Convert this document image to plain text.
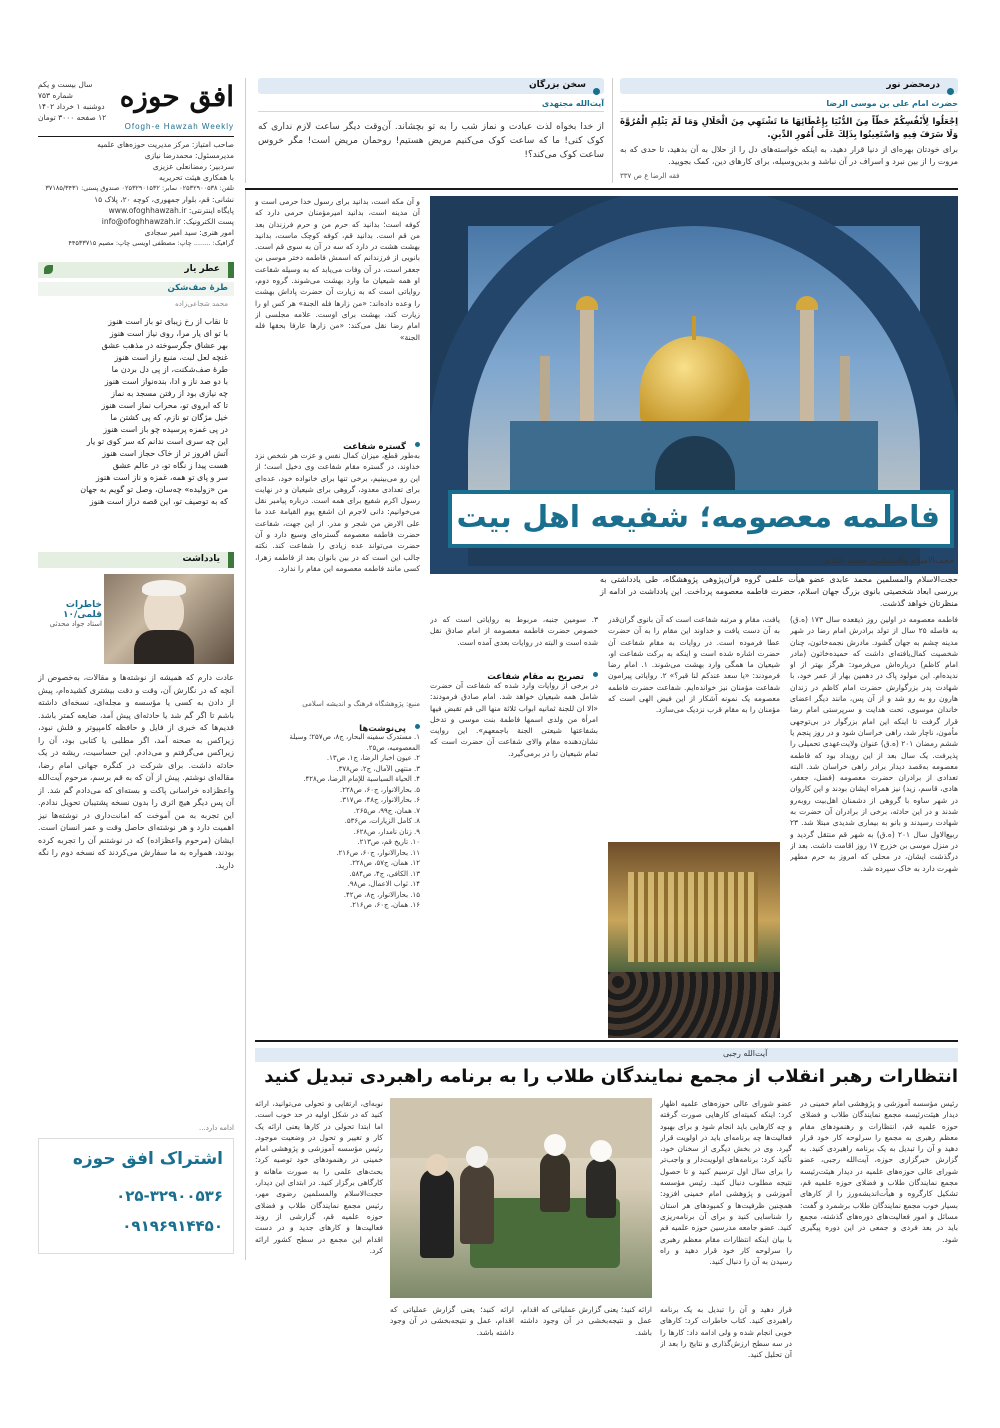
افق حوزه
سال بیست و یکم
شماره ۷۵۳
دوشنبه ۱ خرداد ۱۴۰۲
۱۲ صفحه ۳۰۰۰ تومان
Ofogh-e Hawzah Weekly
صاحب امتیاز: مرکز مدیریت حوزه‌های علمیه
مدیرمسئول: محمدرضا نیازی
سردبیر: رمضانعلی عزیزی
با همکاری هیئت تحریریه
تلفن: ۰۲۵۳۲۹۰۰۵۳۸ نمابر: ۰۲۵۳۲۹۰۱۵۳۲ صندوق پستی: ۳۷۱۸۵/۳۴۳۱
نشانی: قم، بلوار جمهوری، کوچه ۲۰، پلاک ۱۵
پایگاه اینترنتی: www.ofoghhawzah.ir
پست الکترونیک: info@ofoghhawzah.ir
امور هنری: سید امیر سجادی
گرافیک: ........ چاپ: مصطفی اویسی چاپ: مصیم ۴۴۵۳۳۷۱۵
درمحضر نور
حضرت امام علی بن موسی الرضا
اِجْعَلُوا لِأَنْفُسِكُمْ حَظّاً مِنَ الدُّنْيَا بِإِعْطَائِهَا مَا تَشْتَهِي مِنَ الْحَلَالِ وَمَا لَمْ يَثْلِمِ الْمُرُوَّةَ وَلَا سَرَفَ فِيهِ وَاسْتَعِينُوا بِذَلِكَ عَلَى أُمُورِ الدِّينِ.
برای خودتان بهره‌ای از دنیا قرار دهید، به اینکه خواسته‌های دل را از حلال به آن بدهید، تا حدی که به مروت را از بین نبرد و اسراف در آن نباشد و بدین‌وسیله، برای کارهای دین، کمک بجویید.
فقه الرضا ع ص ۳۳۷
سخن بزرگان
آیت‌الله مجتهدی
از خدا بخواه لذت عبادت و نماز شب را به تو بچشاند. آن‌وقت دیگر ساعت لازم نداری که کوک کنی! ما که ساعت کوک می‌کنیم مریض هستیم! روحمان مریض است! مگر خروس ساعت کوک می‌کند؟!
عطر یار
طرهٔ صف‌شکن
محمد شجاعی‌زاده
تا نقاب از رخ زیبای تو باز است هنوز
با تو ای یار مرا، روی نیاز است هنوز
بهر عشاق جگرسوخته در مذهب عشق
غنچه لعل لبت، منبع راز است هنوز
طرهٔ صف‌شکنت، از پی دل بردن ما
با دو صد ناز و ادا، بنده‌نواز است هنوز
چه نیازی بود از رفتن مسجد به نماز
تا که ابروی تو، محراب نماز است هنوز
خیل مژگان تو نازم، که پی کشتن ما
در پی غمزه پرسیده چو باز است هنوز
این چه سری است ندانم که سر کوی تو یار
آتش افروز تر از خاک حجاز است هنوز
هست پیدا ز نگاه تو، در عالم عشق
سر و پای تو همه، غمزه و ناز است هنوز
من «زولیده» چه‌سان، وصل تو گویم به جهان
که به توصیف تو، این قصه دراز است هنوز
یادداشت
خاطرات قلمی/۱۰
استاد جواد محدثی
عادت دارم که همیشه از نوشته‌ها و مقالات، به‌خصوص از آنچه که در نگارش آن، وقت و دقت بیشتری کشیده‌ام، پیش از دادن به کسی یا مؤسسه و مجله‌ای، نسخه‌ای داشته باشم تا اگر گم شد یا حادثه‌ای پیش آمد، ضایعه کمتر باشد. قدیم‌ها که خبری از فایل و حافظه کامپیوتر و فلش نبود، زیراکس به صحنه آمد، اگر مطلبی یا کتابی بود، آن را زیراکس می‌گرفتم و می‌دادم. این حساسیت، ریشه در یک حادثه داشت. برای شرکت در کنگره جهانی امام رضا، مقاله‌ای نوشتم. پیش از آن که به قم برسم، مرحوم آیت‌الله واعظزاده خراسانی پاکت و بسته‌ای که می‌دادم گم شد. از آن پس دیگر هیچ اثری را بدون نسخه پشتیبان تحویل ندادم. این تجربه به من آموخت که امانت‌داری در نوشته‌ها نیز اهمیت دارد و هر نوشته‌ای حاصل وقت و عمر انسان است. ایشان (مرحوم واعظزاده) که در نوشتنم آن را تجربه کرده بودند، همواره به ما سفارش می‌کردند که نسخه دوم را نگه دارید.
ادامه دارد...
اشتراک افق حوزه
۰۲۵-۳۲۹۰۰۵۳۶
۰۹۱۹۶۹۱۴۴۵۰
فاطمه معصومه؛ شفیعه اهل بیت
حجت‌الاسلام والمسلمین محمد عابدی
حجت‌الاسلام والمسلمین محمد عابدی عضو هیأت علمی گروه قرآن‌پژوهی پژوهشگاه، طی یادداشتی به بررسی ابعاد شخصیتی بانوی بزرگ جهان اسلام، حضرت فاطمه معصومه پرداخت. این یادداشت در ادامه از منظرتان خواهد گذشت.
و آن مکه است، بدانید برای رسول خدا حرمی است و آن مدینه است، بدانید امیرمؤمنان حرمی دارد که کوفه است؛ بدانید که حرم من و حرم فرزندان بعد من قم است. بدانید قم، کوفه کوچک ماست، بدانید بهشت هشت در دارد که سه در آن به سوی قم است. بانویی از فرزندانم که اسمش فاطمه دختر موسی بن جعفر است، در آن وفات می‌یابد که به وسیله شفاعت او همه شیعیان ما وارد بهشت می‌شوند. گروه دوم، روایاتی است که به زیارت آن حضرت پاداش بهشت را وعده داده‌اند: «من زارها فله الجنة» هر کس او را زیارت کند، بهشت برای اوست. علامه مجلسی از امام رضا نقل می‌کند: «من زارها عارفا بحقها فله الجنة»
گستره شفاعت
به‌طور قطع، میزان کمال نفس و عزت هر شخص نزد خداوند، در گستره مقام شفاعت وی دخیل است؛ از این رو می‌بینیم، برخی تنها برای خانواده خود، عده‌ای برای تعدادی معدود، گروهی برای شیعیان و در نهایت رسول اکرم شفیع برای همه است. درباره پیامبر نقل می‌خوانیم: دانی لاجرم ان اشفع یوم القیامة عدد ما علی الارض من شجر و مدر. از این جهت، شفاعت حضرت فاطمه معصومه گستره‌ای وسیع دارد و آن حضرت می‌تواند عده زیادی را شفاعت کند. نکته جالب این است که در بین بانوان بعد از فاطمه زهرا، کسی مانند فاطمه معصومه این مقام را ندارد.
فاطمه معصومه در اولین روز ذیقعده سال ۱۷۳ (ه.ق) به فاصله ۲۵ سال از تولد برادرش امام رضا در شهر مدینه چشم به جهان گشود. مادرش نجمه‌خاتون، چنان شخصیت کمال‌یافته‌ای داشت که حمیده‌خاتون (مادر امام کاظم) درباره‌اش می‌فرمود: هرگز بهتر از او ندیده‌ام. این مولود پاک در دهمین بهار از عمر خود، با شهادت پدر بزرگوارش حضرت امام کاظم در زندان هارون رو به رو شد و از آن پس، مانند دیگر اعضای خاندان موسوی، تحت هدایت و سرپرستی امام رضا قرار گرفت تا اینکه این امام بزرگوار در بی‌توجهی مأمون، ناچار شد، راهی خراسان شود و در روز پنجم یا ششم رمضان ۲۰۱ (ه.ق) عنوان ولایت‌عهدی تحمیلی را پذیرفت. یک سال بعد از این رویداد بود که فاطمه معصومه به‌قصد دیدار برادر راهی خراسان شد. البته تعدادی از برادران حضرت معصومه (فضل، جعفر، هادی، قاسم، زید) نیز همراه ایشان بودند و این کاروان در شهر ساوه با گروهی از دشمنان اهل‌بیت روبه‌رو شدند و در این حادثه، برخی از برادران آن حضرت به شهادت رسیدند و بانو به بیماری شدیدی مبتلا شد. ۲۳ ربیع‌الاول سال ۲۰۱ (ه.ق) به شهر قم منتقل گردید و در منزل موسی بن خزرج ۱۷ روز اقامت داشت. بعد از درگذشت ایشان، در محلی که امروز به حرم مطهر شهرت دارد به خاک سپرده شد.
یافت، مقام و مرتبه شفاعت است که آن بانوی گران‌قدر به آن دست یافت و خداوند این مقام را به آن حضرت عطا فرموده است. در روایات به مقام شفاعت آن حضرت اشاره شده است و اینکه به برکت شفاعت او، شیعیان ما همگی وارد بهشت می‌شوند. ۱. امام رضا فرمودند: «یا سعد عندکم لنا قبر؟» ۲. روایاتی پیرامون شفاعت مؤمنان نیز خوانده‌ایم. شفاعت حضرت فاطمه معصومه یک نمونه آشکار از این فیض الهی است که مؤمنان را به مقام قرب نزدیک می‌سازد.
۳. سومین جنبه، مربوط به روایاتی است که در خصوص حضرت فاطمه معصومه از امام صادق نقل شده است و البته در روایات بعدی آمده است.
تصریح به مقام شفاعت
در برخی از روایات وارد شده که شفاعت آن حضرت شامل همه شیعیان خواهد شد. امام صادق فرمودند: «الا ان للجنة ثمانیه ابواب ثلاثة منها الی قم تقبض فیها امرأة من ولدی اسمها فاطمة بنت موسی و تدخل بشفاعتها شیعتی الجنة باجمعهم». این روایت نشان‌دهنده مقام والای شفاعت آن حضرت است که تمام شیعیان را در برمی‌گیرد.
منبع: پژوهشگاه فرهنگ و اندیشه اسلامی
پی‌نوشت‌ها
۱. مستدرک سفینه البحار، ج۸، ص۲۵۷؛ وسیلة المعصومیه، ص۲۵.
۲. عیون اخبار الرضا، ج۱، ص۱۳.
۳. منتهی الآمال، ج۲، ص۳۷۸.
۴. الحیاة السیاسیة للإمام الرضا، ص۴۲۸.
۵. بحارالانوار، ج۶۰، ص۲۲۸.
۶. بحارالانوار، ج۴۸، ص۳۱۷.
۷. همان، ج۹۹، ص۲۶۵.
۸. کامل الزیارات، ص۵۳۶.
۹. زنان نامدار، ص۶۲۸.
۱۰. تاریخ قم، ص۲۱۳.
۱۱. بحارالانوار، ج۶۰، ص۲۱۶.
۱۲. همان، ج۵۷، ص۲۲۸.
۱۳. الکافی، ج۴، ص۵۸۴.
۱۴. ثواب الاعمال، ص۹۸.
۱۵. بحارالانوار، ج۸، ص۴۲.
۱۶. همان، ج۶۰، ص۲۱۶.
آیت‌الله رجبی
انتظارات رهبر انقلاب از مجمع نمایندگان طلاب را به برنامه راهبردی تبدیل کنید
رئیس مؤسسه آموزشی و پژوهشی امام خمینی در دیدار هیئت‌رئیسه مجمع نمایندگان طلاب و فضلای حوزه علمیه قم، انتظارات و رهنمودهای مقام معظم رهبری به مجمع را سرلوحه کار خود قرار دهید و آن را تبدیل به یک برنامه راهبردی کنید. به گزارش خبرگزاری حوزه، آیت‌الله رجبی، عضو شورای عالی حوزه‌های علمیه در دیدار هیئت‌رئیسه مجمع نمایندگان طلاب و فضلای حوزه علمیه قم، تشکیل کارگروه و هیأت‌اندیشه‌ورز را از کارهای بسیار خوب مجمع نمایندگان طلاب برشمرد و گفت: مسائل و امور فعالیت‌های دوره‌های گذشته، مجمع باید در بعد فردی و جمعی در این دوره پیگیری شود.
عضو شورای عالی حوزه‌های علمیه اظهار کرد: اینکه کمیته‌ای کارهایی صورت گرفته و چه کارهایی باید انجام شود و برای بهبود فعالیت‌ها چه برنامه‌ای باید در اولویت قرار گیرد. وی در بخش دیگری از سخنان خود، تأکید کرد: برنامه‌های اولویت‌دار و واجب‌تر را برای سال اول ترسیم کنید و تا حصول نتیجه مطلوب دنبال کنید. رئیس مؤسسه آموزشی و پژوهشی امام خمینی افزود: همچنین ظرفیت‌ها و کمبودهای هر استان را شناسایی کنید و برای آن برنامه‌ریزی کنید. عضو جامعه مدرسین حوزه علمیه قم با بیان اینکه انتظارات مقام معظم رهبری را سرلوحه کار خود قرار دهید و راه رسیدن به آن را دنبال کنید.
نوبه‌ای، ارتقایی و تحولی می‌توانید، ارائه کنید که در شکل اولیه در حد خوب است. اما ابتدا تحولی در کارها یعنی ارائه یک کار و تغییر و تحول در وضعیت موجود. رئیس مؤسسه آموزشی و پژوهشی امام خمینی در رهنمودهای خود توصیه کرد: بحث‌های علمی را به صورت ماهانه و کارگاهی برگزار کنید. در ابتدای این دیدار، حجت‌الاسلام والمسلمین رضوی مهر، رئیس مجمع نمایندگان طلاب و فضلای حوزه علمیه قم، گزارشی از روند فعالیت‌ها و کارهای جدید و در دست اقدام این مجمع در سطح کشور ارائه کرد.
ارائه کنید؛ یعنی گزارش عملیاتی که اقدام، عمل و نتیجه‌بخشی در آن وجود داشته باشد.
قرار دهید و آن را تبدیل به یک برنامه راهبردی کنید. کتاب خاطرات کرد: کارهای خوبی انجام شده و ولی ادامه داد: کارها را در سه سطح ارزش‌گذاری و نتایج را بعد از آن تحلیل کنید.
ارائه کنید؛ یعنی گزارش عملیاتی که اقدام، عمل و نتیجه‌بخشی در آن وجود داشته باشد.
